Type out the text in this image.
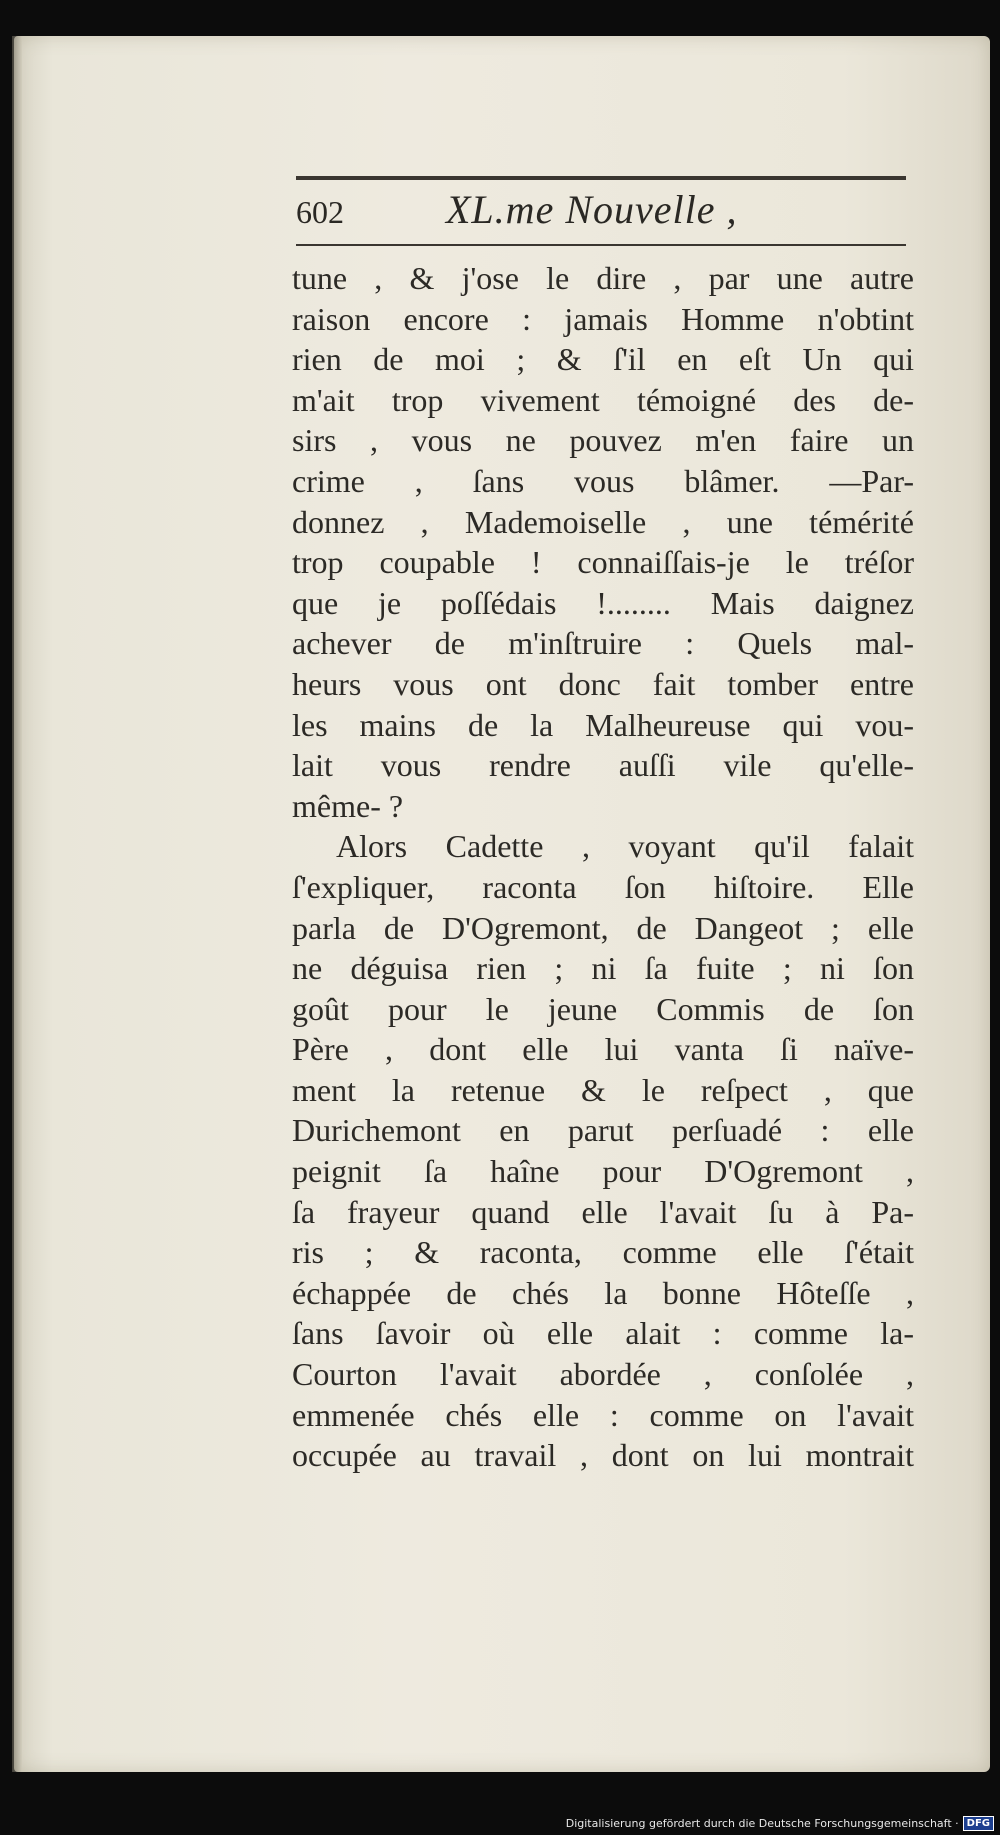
602	XL.me Nouvelle ,
tune , & j'ose le dire , par une autre
raison encore : jamais Homme n'obtint
rien de moi ; & ſ'il en eſt Un qui
m'ait trop vivement témoigné des de-
sirs , vous ne pouvez m'en faire un
crime , ſans vous blâmer. —Par-
donnez , Mademoiselle , une témérité
trop coupable ! connaiſſais-je le tréſor
que je poſſédais !........ Mais daignez
achever de m'inſtruire : Quels mal-
heurs vous ont donc fait tomber entre
les mains de la Malheureuse qui vou-
lait vous rendre auſſi vile qu'elle-
même- ?
Alors Cadette , voyant qu'il falait
ſ'expliquer, raconta ſon hiſtoire. Elle
parla de D'Ogremont, de Dangeot ; elle
ne déguisa rien ; ni ſa fuite ; ni ſon
goût pour le jeune Commis de ſon
Père , dont elle lui vanta ſi naïve-
ment la retenue & le reſpect , que
Durichemont en parut perſuadé : elle
peignit ſa haîne pour D'Ogremont ,
ſa frayeur quand elle l'avait ſu à Pa-
ris ; & raconta, comme elle ſ'était
échappée de chés la bonne Hôteſſe ,
ſans ſavoir où elle alait : comme la-
Courton l'avait abordée , conſolée ,
emmenée chés elle : comme on l'avait
occupée au travail , dont on lui montrait
Digitalisierung gefördert durch die Deutsche Forschungsgemeinschaft · DFG
